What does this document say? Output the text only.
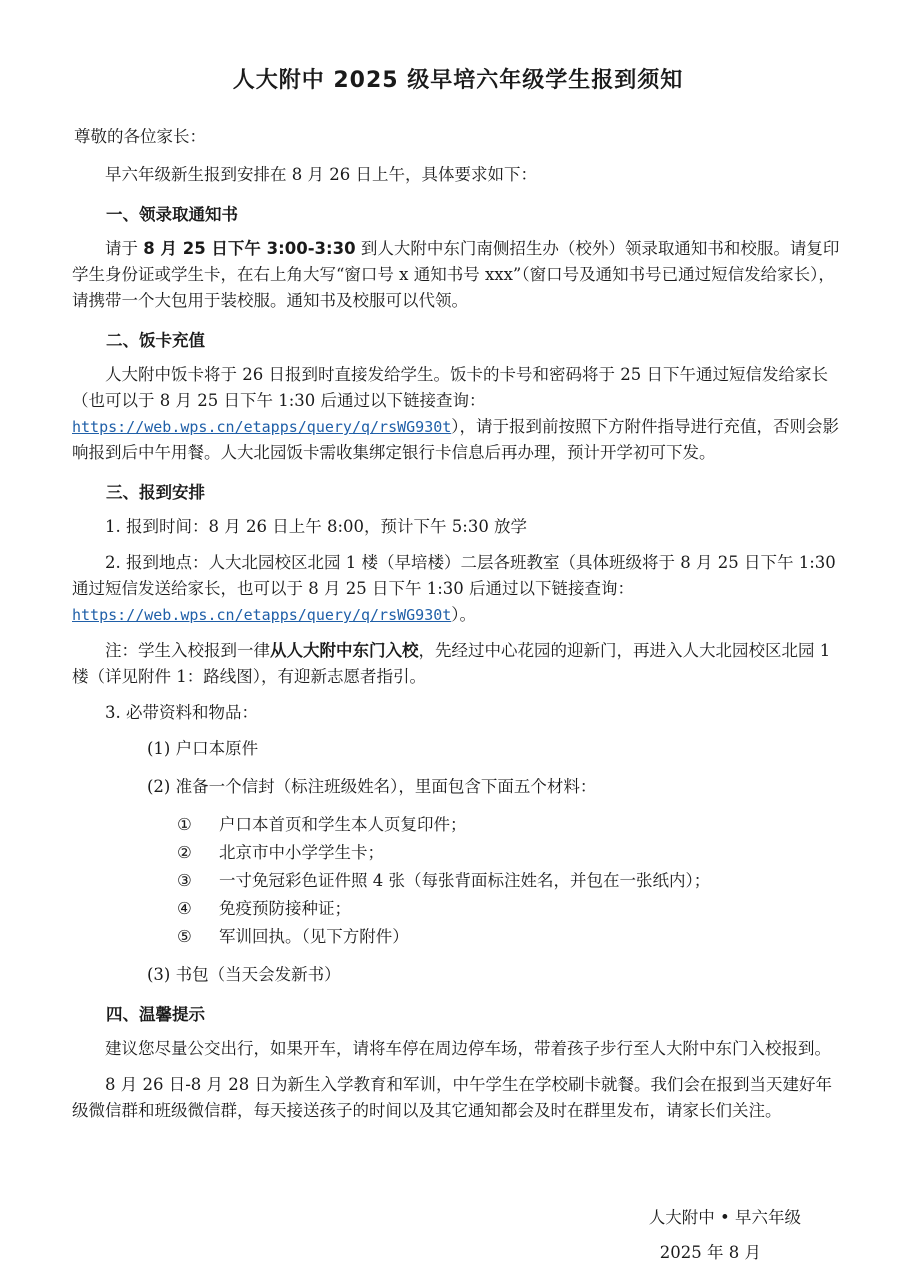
人大附中 2025 级早培六年级学生报到须知
尊敬的各位家长：
早六年级新生报到安排在 8 月 26 日上午，具体要求如下：
一、领录取通知书
请于 8 月 25 日下午 3:00-3:30 到人大附中东门南侧招生办（校外）领录取通知书和校服。请复印学生身份证或学生卡，在右上角大写“窗口号 x 通知书号 xxx”（窗口号及通知书号已通过短信发给家长），请携带一个大包用于装校服。通知书及校服可以代领。
二、饭卡充值
人大附中饭卡将于 26 日报到时直接发给学生。饭卡的卡号和密码将于 25 日下午通过短信发给家长（也可以于 8 月 25 日下午 1:30 后通过以下链接查询：https://web.wps.cn/etapps/query/q/rsWG930t），请于报到前按照下方附件指导进行充值，否则会影响报到后中午用餐。人大北园饭卡需收集绑定银行卡信息后再办理，预计开学初可下发。
三、报到安排
1. 报到时间：8 月 26 日上午 8:00，预计下午 5:30 放学
2. 报到地点：人大北园校区北园 1 楼（早培楼）二层各班教室（具体班级将于 8 月 25 日下午 1:30 通过短信发送给家长，也可以于 8 月 25 日下午 1:30 后通过以下链接查询：https://web.wps.cn/etapps/query/q/rsWG930t）。
注：学生入校报到一律从人大附中东门入校，先经过中心花园的迎新门，再进入人大北园校区北园 1 楼（详见附件 1：路线图），有迎新志愿者指引。
3. 必带资料和物品：
(1) 户口本原件
(2) 准备一个信封（标注班级姓名），里面包含下面五个材料：
①	户口本首页和学生本人页复印件；
②	北京市中小学学生卡；
③	一寸免冠彩色证件照 4 张（每张背面标注姓名，并包在一张纸内）；
④	免疫预防接种证；
⑤	军训回执。（见下方附件）
(3) 书包（当天会发新书）
四、温馨提示
建议您尽量公交出行，如果开车，请将车停在周边停车场，带着孩子步行至人大附中东门入校报到。
8 月 26 日-8 月 28 日为新生入学教育和军训，中午学生在学校刷卡就餐。我们会在报到当天建好年级微信群和班级微信群，每天接送孩子的时间以及其它通知都会及时在群里发布，请家长们关注。
人大附中 • 早六年级
2025 年 8 月
